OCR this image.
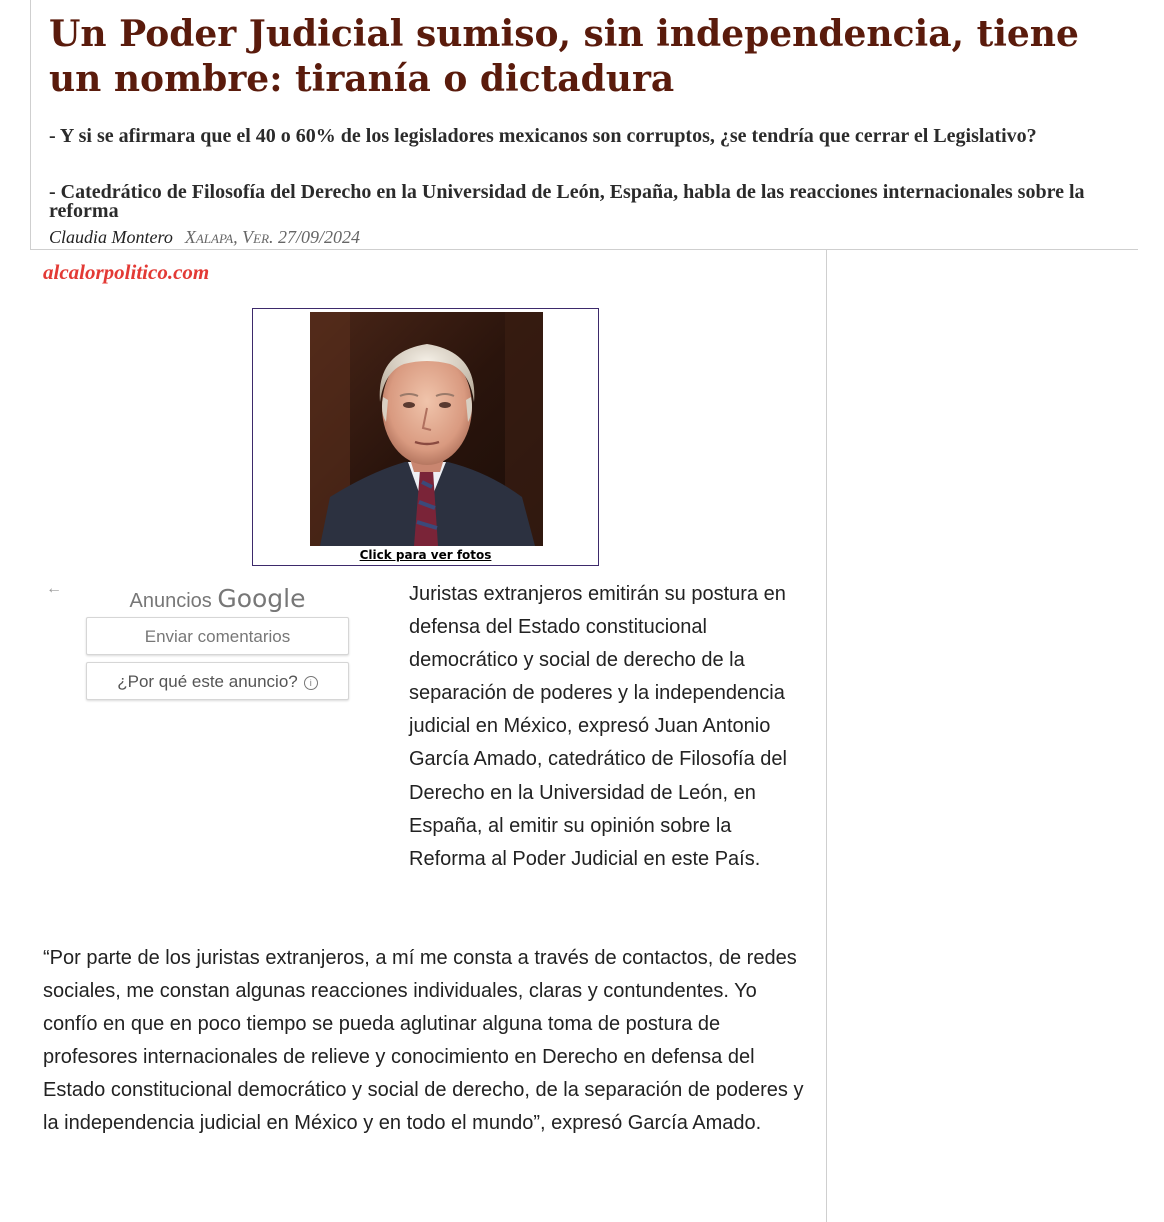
Un Poder Judicial sumiso, sin independencia, tiene un nombre: tiranía o dictadura

- Y si se afirmara que el 40 o 60% de los legisladores mexicanos son corruptos, ¿se tendría que cerrar el Legislativo?

- Catedrático de Filosofía del Derecho en la Universidad de León, España, habla de las reacciones internacionales sobre la reforma

Claudia Montero Xalapa, Ver. 27/09/2024
alcalorpolitico.com
Click para ver fotos
←
Anuncios Google
Enviar comentarios
¿Por qué este anuncio? i

Juristas extranjeros emitirán su postura en defensa del Estado constitucional democrático y social de derecho de la separación de poderes y la independencia judicial en México, expresó Juan Antonio García Amado, catedrático de Filosofía del Derecho en la Universidad de León, en España, al emitir su opinión sobre la Reforma al Poder Judicial en este País.

“Por parte de los juristas extranjeros, a mí me consta a través de contactos, de redes sociales, me constan algunas reacciones individuales, claras y contundentes. Yo confío en que en poco tiempo se pueda aglutinar alguna toma de postura de profesores internacionales de relieve y conocimiento en Derecho en defensa del Estado constitucional democrático y social de derecho, de la separación de poderes y la independencia judicial en México y en todo el mundo”, expresó García Amado.
